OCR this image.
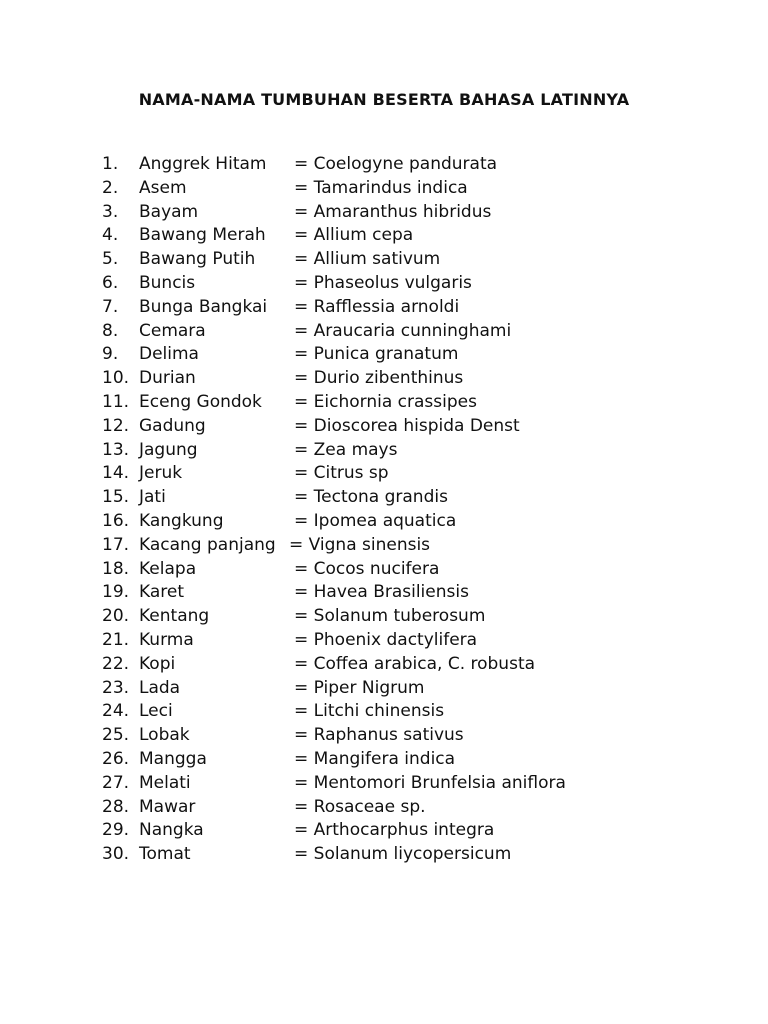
NAMA-NAMA TUMBUHAN BESERTA BAHASA LATINNYA
1. Anggrek Hitam = Coelogyne pandurata
2. Asem	= Tamarindus indica
3. Bayam	= Amaranthus hibridus
4. Bawang Merah = Allium cepa
5. Bawang Putih = Allium sativum
6. Buncis	= Phaseolus vulgaris
7. Bunga Bangkai = Rafflessia arnoldi
8. Cemara	= Araucaria cunninghami
9. Delima	= Punica granatum
10. Durian	= Durio zibenthinus
11. Eceng Gondok = Eichornia crassipes
12. Gadung	= Dioscorea hispida Denst
13. Jagung	= Zea mays
14. Jeruk	= Citrus sp
15. Jati	= Tectona grandis
16. Kangkung	= Ipomea aquatica
17. Kacang panjang = Vigna sinensis
18. Kelapa	= Cocos nucifera
19. Karet	= Havea Brasiliensis
20. Kentang	= Solanum tuberosum
21. Kurma	= Phoenix dactylifera
22. Kopi	= Coffea arabica, C. robusta
23. Lada	= Piper Nigrum
24. Leci	= Litchi chinensis
25. Lobak	= Raphanus sativus
26. Mangga	= Mangifera indica
27. Melati	= Mentomori Brunfelsia aniflora
28. Mawar	= Rosaceae sp.
29. Nangka	= Arthocarphus integra
30. Tomat	= Solanum liycopersicum
